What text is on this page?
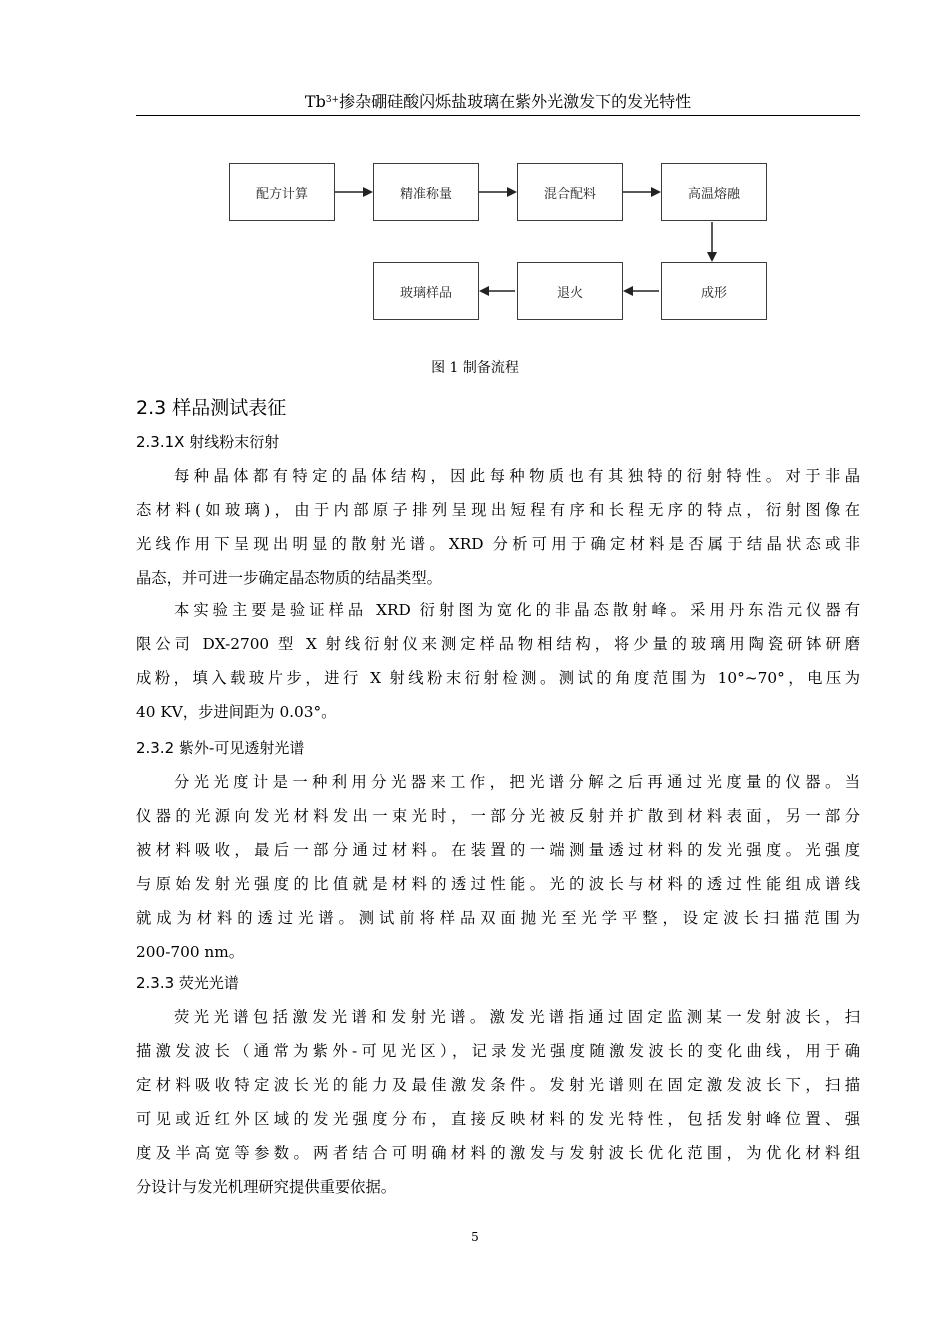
$Tb^{3+}$掺杂硼硅酸闪烁盐玻璃在紫外光激发下的发光特性
配方计算	精准称量	混合配料	高温熔融
成形
退火
玻璃样品
图 1 制备流程
2.3 样品测试表征
2.3.1X 射线粉末衍射
每种晶体都有特定的晶体结构，因此每种物质也有其独特的衍射特性。对于非晶
态材料(如玻璃)，由于内部原子排列呈现出短程有序和长程无序的特点，衍射图像在
光线作用下呈现出明显的散射光谱。XRD 分析可用于确定材料是否属于结晶状态或非
晶态，并可进一步确定晶态物质的结晶类型。
本实验主要是验证样品 XRD 衍射图为宽化的非晶态散射峰。采用丹东浩元仪器有
限公司 DX-2700 型 X 射线衍射仪来测定样品物相结构，将少量的玻璃用陶瓷研钵研磨
成粉，填入载玻片步，进行 X 射线粉末衍射检测。测试的角度范围为 10°~70°，电压为
40 KV，步进间距为 0.03°。
2.3.2 紫外-可见透射光谱
分光光度计是一种利用分光器来工作，把光谱分解之后再通过光度量的仪器。当
仪器的光源向发光材料发出一束光时，一部分光被反射并扩散到材料表面，另一部分
被材料吸收，最后一部分通过材料。在装置的一端测量透过材料的发光强度。光强度
与原始发射光强度的比值就是材料的透过性能。光的波长与材料的透过性能组成谱线
就成为材料的透过光谱。测试前将样品双面抛光至光学平整，设定波长扫描范围为
200-700 nm。
2.3.3 荧光光谱
荧光光谱包括激发光谱和发射光谱。激发光谱指通过固定监测某一发射波长，扫
描激发波长（通常为紫外-可见光区），记录发光强度随激发波长的变化曲线，用于确
定材料吸收特定波长光的能力及最佳激发条件。发射光谱则在固定激发波长下，扫描
可见或近红外区域的发光强度分布，直接反映材料的发光特性，包括发射峰位置、强
度及半高宽等参数。两者结合可明确材料的激发与发射波长优化范围，为优化材料组
分设计与发光机理研究提供重要依据。
5
